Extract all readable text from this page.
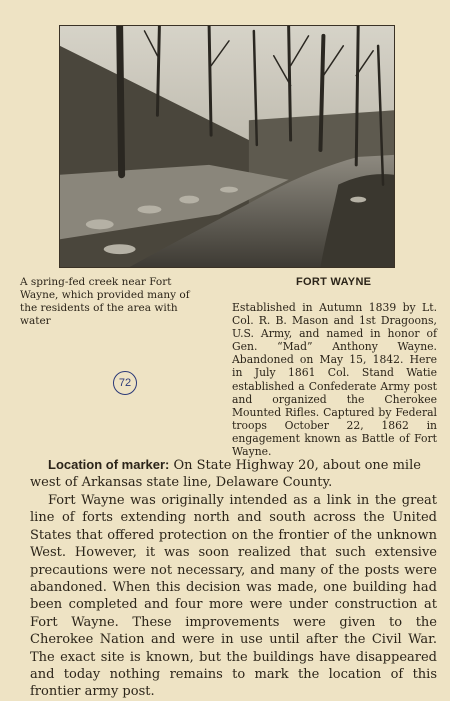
A spring-fed creek near Fort Wayne, which provided many of the residents of the area with water
FORT WAYNE
Established in Autumn 1839 by Lt. Col. R. B. Mason and 1st Dragoons, U.S. Army, and named in honor of Gen. “Mad” Anthony Wayne. Abandoned on May 15, 1842. Here in July 1861 Col. Stand Watie established a Confederate Army post and organized the Cherokee Mounted Rifles. Captured by Federal troops October 22, 1862 in engagement known as Battle of Fort Wayne.
72
Location of marker: On State Highway 20, about one mile west of Arkansas state line, Delaware County.
Fort Wayne was originally intended as a link in the great line of forts extending north and south across the United States that offered protection on the frontier of the unknown West. However, it was soon realized that such extensive precautions were not necessary, and many of the posts were abandoned. When this decision was made, one building had been completed and four more were under construction at Fort Wayne. These improvements were given to the Cherokee Nation and were in use until after the Civil War. The exact site is known, but the buildings have disappeared and today nothing remains to mark the location of this frontier army post.
